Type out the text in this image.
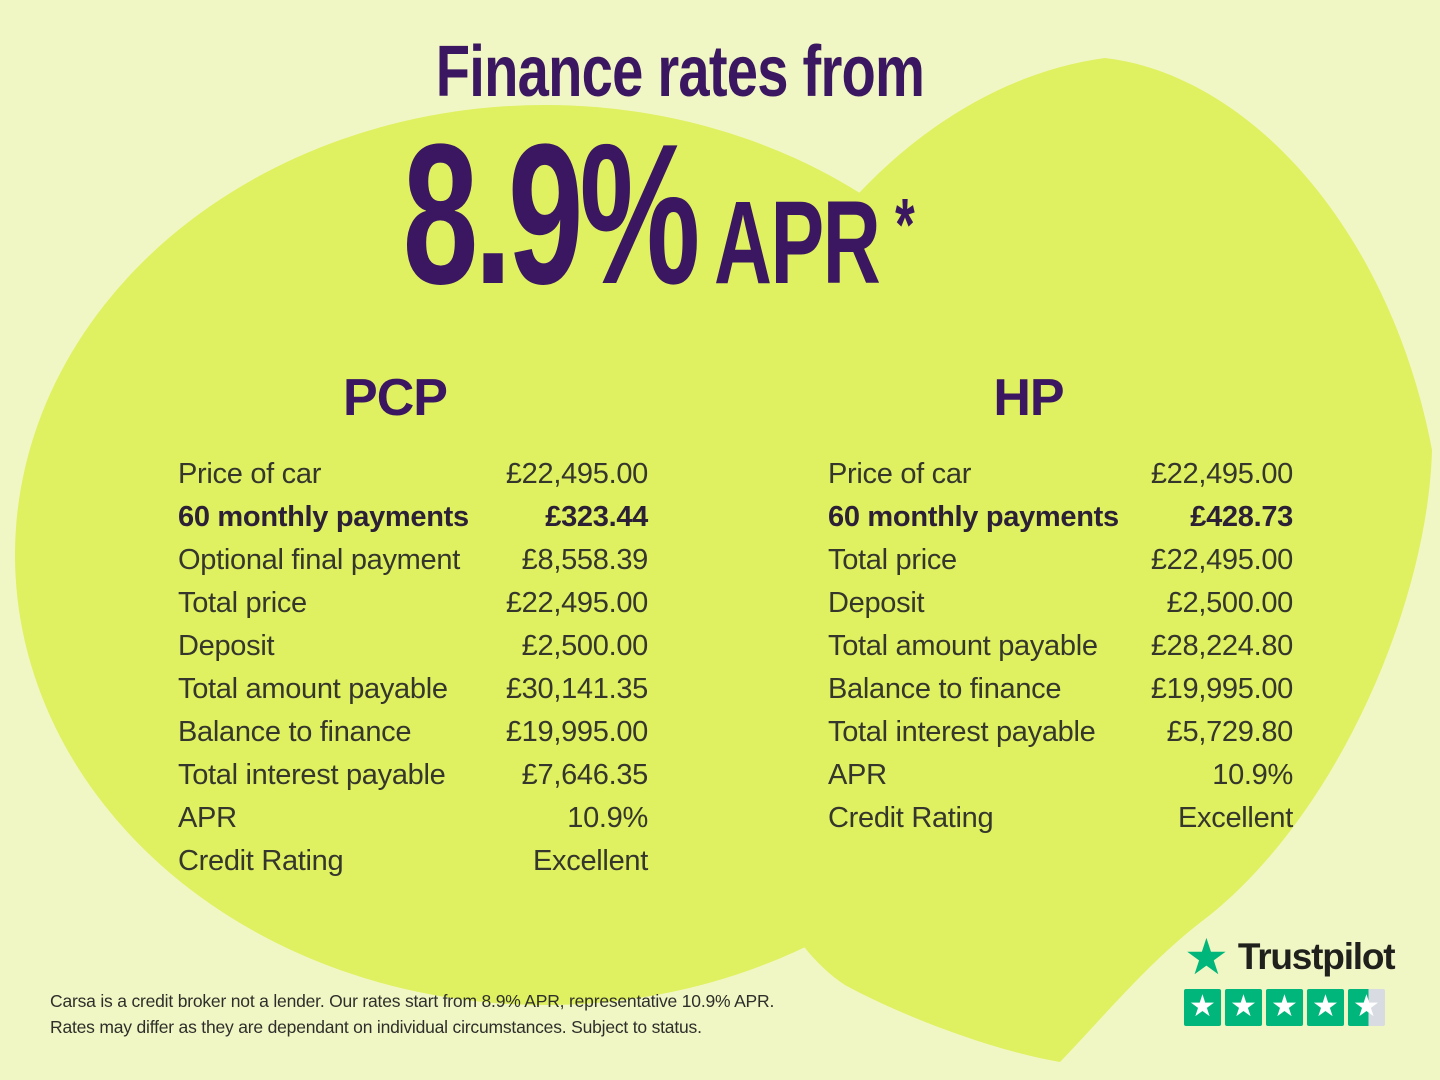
Finance rates from
8.9% APR *
PCP	HP
Price of car	£22,495.00
60 monthly payments	£323.44
Optional final payment £8,558.39
Total price	£22,495.00
Deposit	£2,500.00
Total amount payable £30,141.35
Balance to finance	£19,995.00
Total interest payable	£7,646.35
APR	10.9%
Credit Rating	Excellent
Price of car	£22,495.00
60 monthly payments £428.73
Total price	£22,495.00
Deposit	£2,500.00
Total amount payable £28,224.80
Balance to finance	£19,995.00
Total interest payable £5,729.80
APR	10.9%
Credit Rating	Excellent
Carsa is a credit broker not a lender. Our rates start from 8.9% APR, representative 10.9% APR.
Rates may differ as they are dependant on individual circumstances. Subject to status.
★ Trustpilot
★ ★ ★ ★ ★
